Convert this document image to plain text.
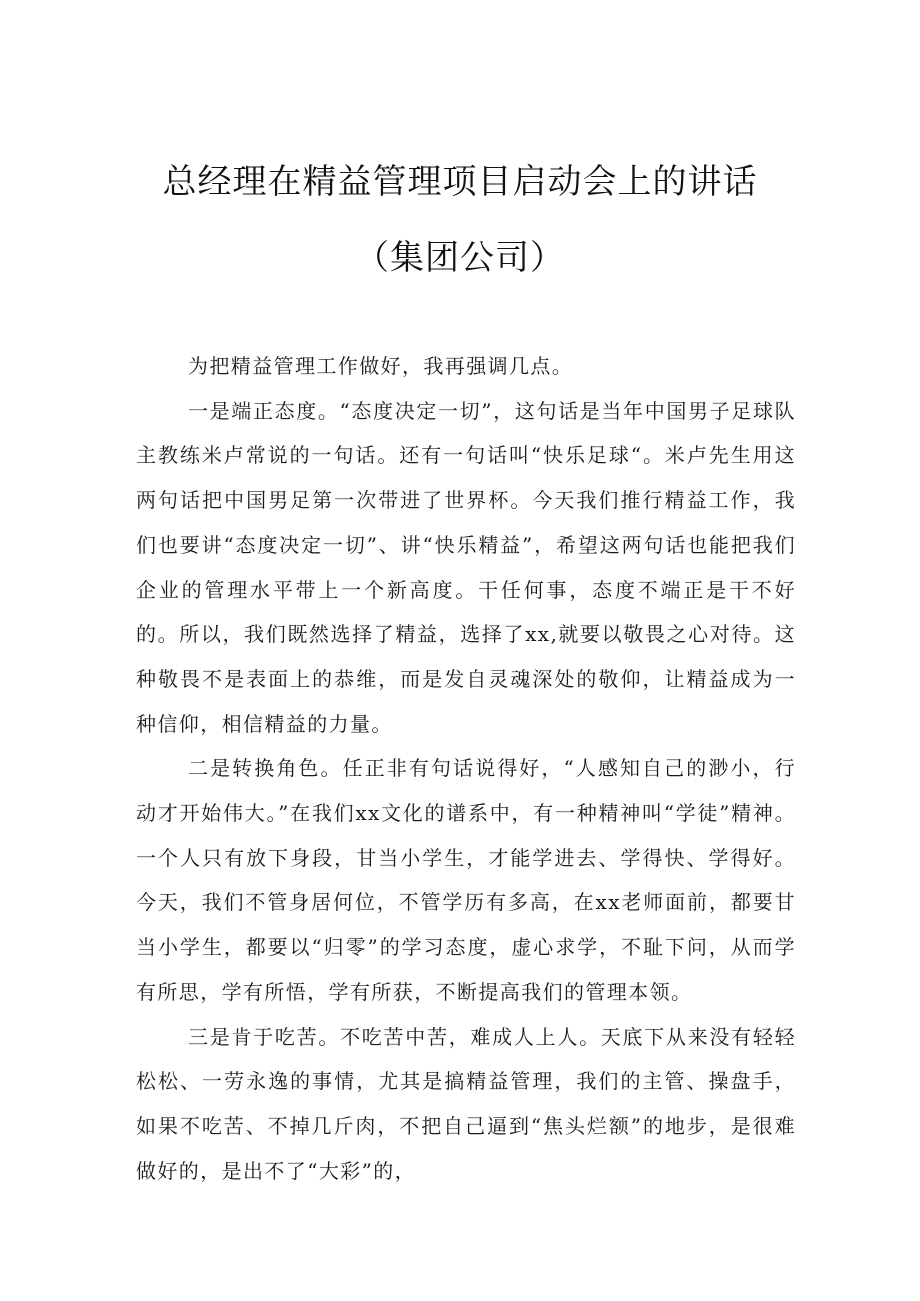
总经理在精益管理项目启动会上的讲话
（集团公司）

为把精益管理工作做好，我再强调几点。

一是端正态度。“态度决定一切”，这句话是当年中国男子足球队主教练米卢常说的一句话。还有一句话叫“快乐足球“。米卢先生用这两句话把中国男足第一次带进了世界杯。今天我们推行精益工作，我们也要讲“态度决定一切”、讲“快乐精益”，希望这两句话也能把我们企业的管理水平带上一个新高度。干任何事，态度不端正是干不好的。所以，我们既然选择了精益，选择了xx,就要以敬畏之心对待。这种敬畏不是表面上的恭维，而是发自灵魂深处的敬仰，让精益成为一种信仰，相信精益的力量。

二是转换角色。任正非有句话说得好，“人感知自己的渺小，行动才开始伟大。”在我们xx文化的谱系中，有一种精神叫“学徒”精神。一个人只有放下身段，甘当小学生，才能学进去、学得快、学得好。今天，我们不管身居何位，不管学历有多高，在xx老师面前，都要甘当小学生，都要以“归零”的学习态度，虚心求学，不耻下问，从而学有所思，学有所悟，学有所获，不断提高我们的管理本领。

三是肯于吃苦。不吃苦中苦，难成人上人。天底下从来没有轻轻松松、一劳永逸的事情，尤其是搞精益管理，我们的主管、操盘手，如果不吃苦、不掉几斤肉，不把自己逼到“焦头烂额”的地步，是很难做好的，是出不了“大彩”的，
